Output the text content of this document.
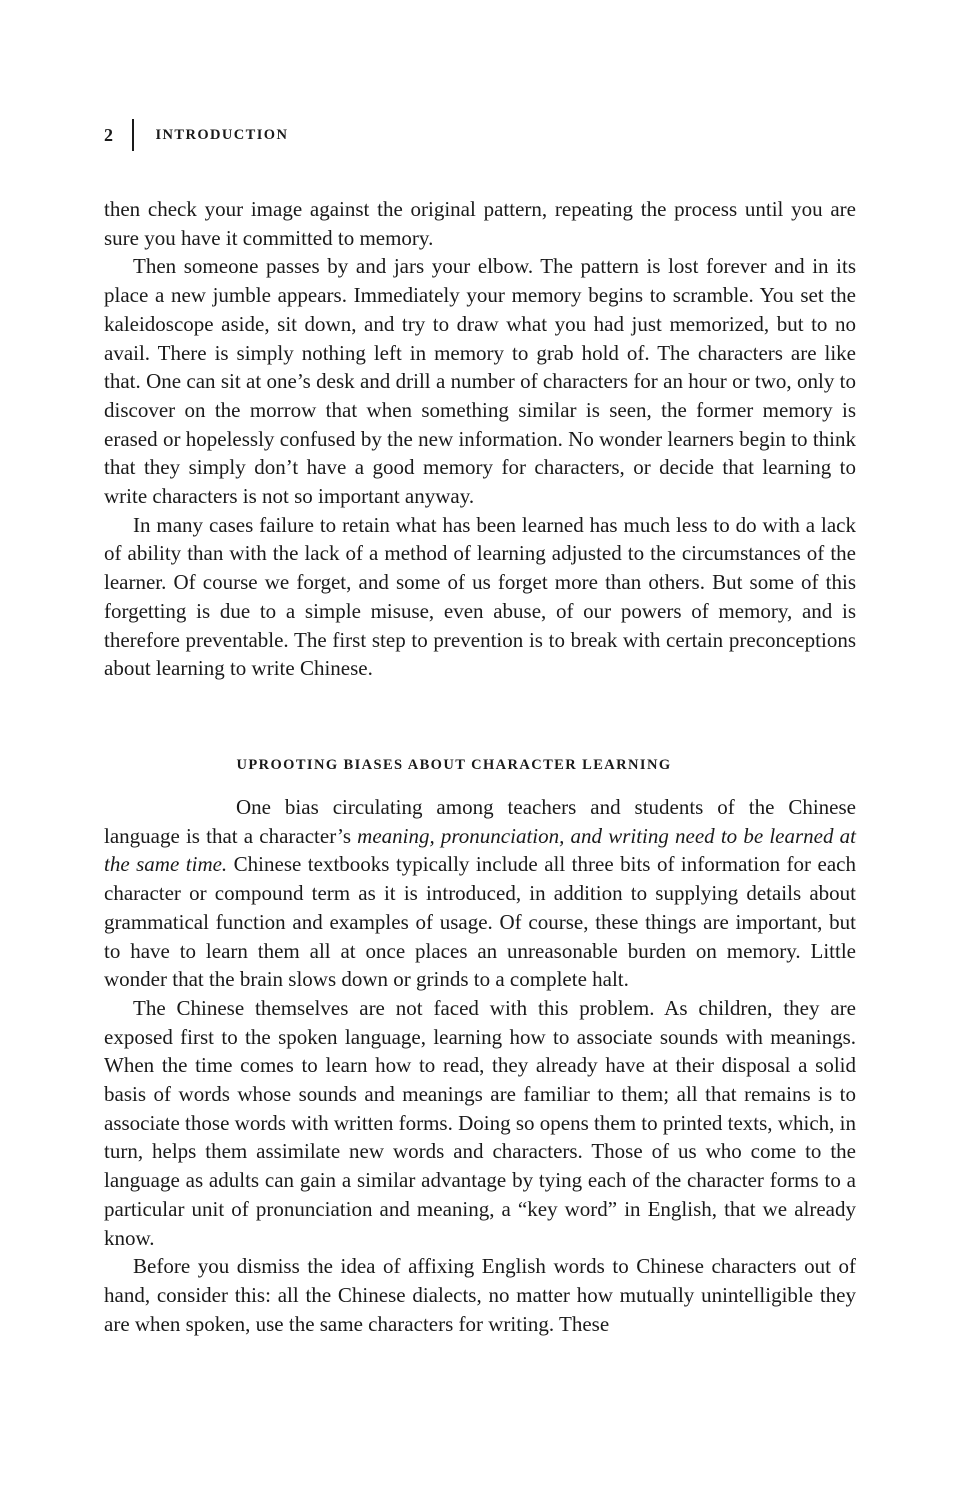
2	INTRODUCTION

then check your image against the original pattern, repeating the process until you are sure you have it committed to memory.

Then someone passes by and jars your elbow. The pattern is lost forever and in its place a new jumble appears. Immediately your memory begins to scramble. You set the kaleidoscope aside, sit down, and try to draw what you had just memorized, but to no avail. There is simply nothing left in memory to grab hold of. The characters are like that. One can sit at one’s desk and drill a number of characters for an hour or two, only to discover on the morrow that when something similar is seen, the former memory is erased or hopelessly confused by the new information. No wonder learners begin to think that they simply don’t have a good memory for characters, or decide that learning to write characters is not so important anyway.

In many cases failure to retain what has been learned has much less to do with a lack of ability than with the lack of a method of learning adjusted to the circumstances of the learner. Of course we forget, and some of us forget more than others. But some of this forgetting is due to a simple misuse, even abuse, of our powers of memory, and is therefore preventable. The first step to prevention is to break with certain preconceptions about learning to write Chinese.

UPROOTING BIASES ABOUT CHARACTER LEARNING

One bias circulating among teachers and students of the Chinese language is that a character’s meaning, pronunciation, and writing need to be learned at the same time. Chinese textbooks typically include all three bits of information for each character or compound term as it is introduced, in addition to supplying details about grammatical function and examples of usage. Of course, these things are important, but to have to learn them all at once places an unreasonable burden on memory. Little wonder that the brain slows down or grinds to a complete halt.

The Chinese themselves are not faced with this problem. As children, they are exposed first to the spoken language, learning how to associate sounds with meanings. When the time comes to learn how to read, they already have at their disposal a solid basis of words whose sounds and meanings are familiar to them; all that remains is to associate those words with written forms. Doing so opens them to printed texts, which, in turn, helps them assimilate new words and characters. Those of us who come to the language as adults can gain a similar advantage by tying each of the character forms to a particular unit of pronunciation and meaning, a “key word” in English, that we already know.

Before you dismiss the idea of affixing English words to Chinese characters out of hand, consider this: all the Chinese dialects, no matter how mutually unintelligible they are when spoken, use the same characters for writing. These
